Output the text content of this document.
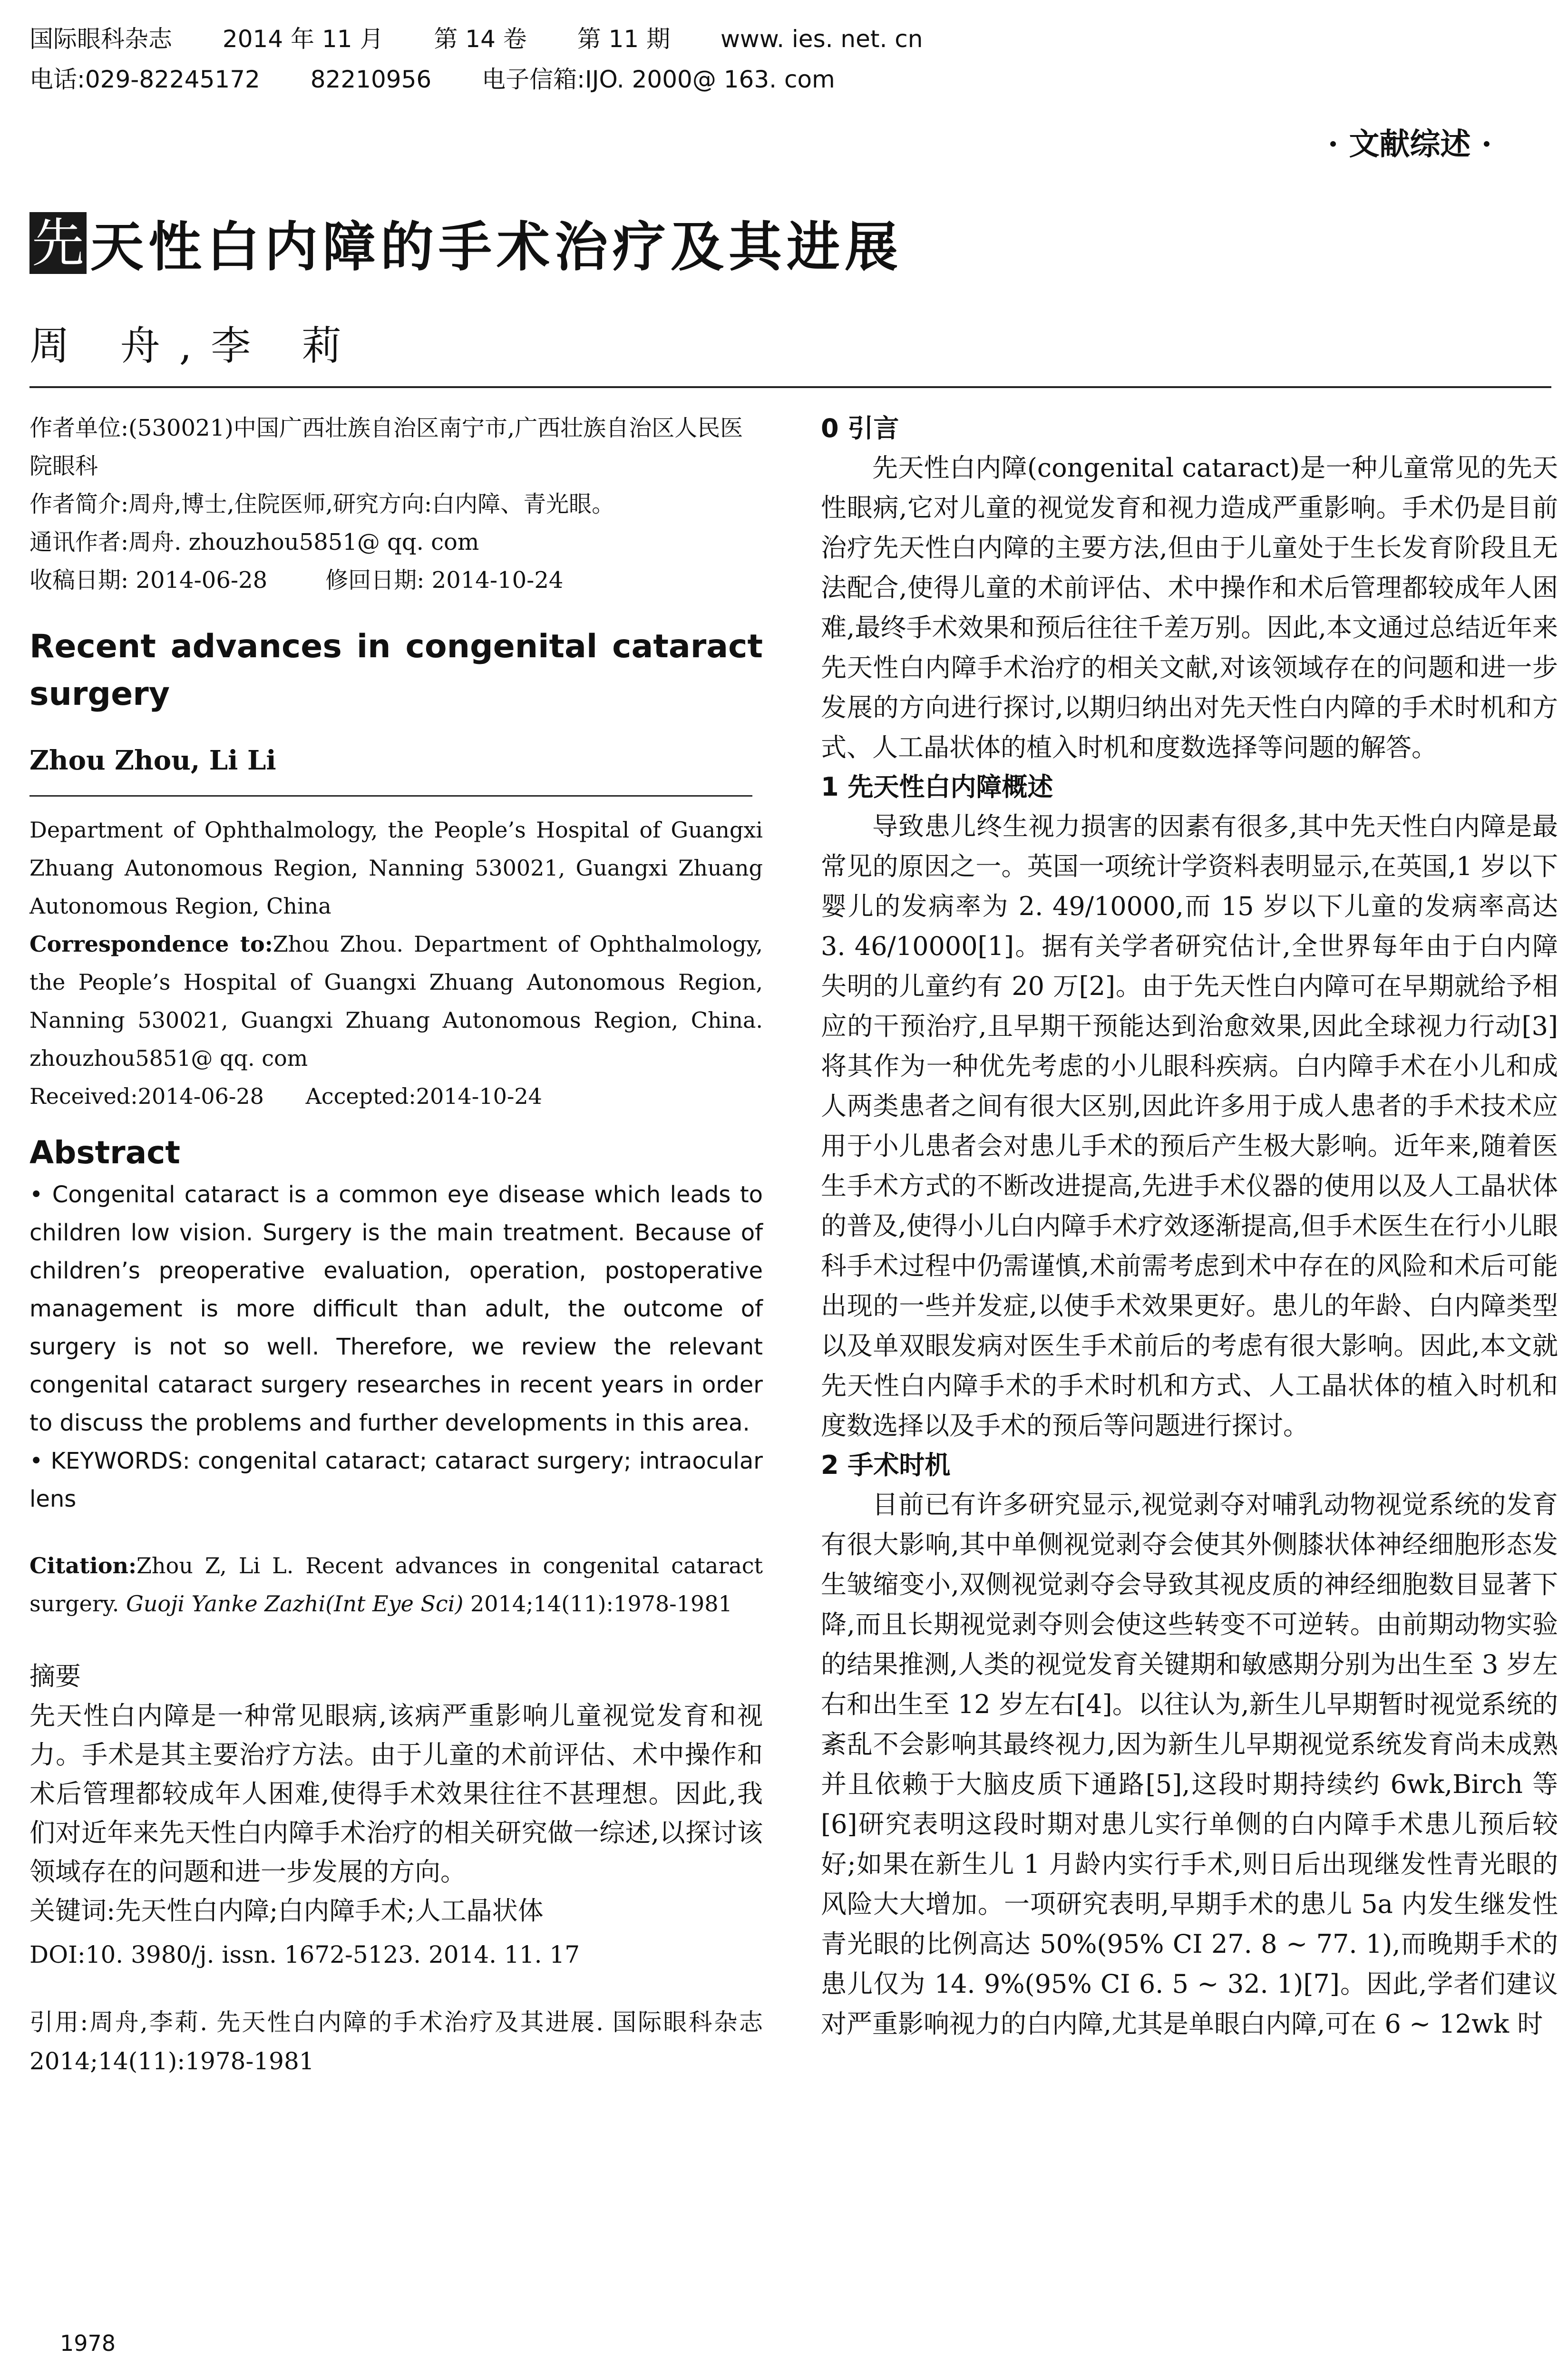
国际眼科杂志 2014 年 11 月 第 14 卷 第 11 期 www. ies. net. cn
电话:029-82245172 82210956 电子信箱:IJO. 2000@ 163. com
· 文献综述 ·
先 天性白内障的手术治疗及其进展
周 舟,李 莉

作者单位:(530021)中国广西壮族自治区南宁市,广西壮族自治区人民医院眼科

作者简介:周舟,博士,住院医师,研究方向:白内障、青光眼。

通讯作者:周舟. zhouzhou5851@ qq. com

收稿日期: 2014-06-28        修回日期: 2014-10-24

Recent advances in congenital cataract surgery

Zhou Zhou, Li Li

Department of Ophthalmology, the People’s Hospital of Guangxi Zhuang Autonomous Region, Nanning 530021, Guangxi Zhuang Autonomous Region, China

Correspondence to:Zhou Zhou. Department of Ophthalmology, the People’s Hospital of Guangxi Zhuang Autonomous Region, Nanning 530021, Guangxi Zhuang Autonomous Region, China. zhouzhou5851@ qq. com

Received:2014-06-28      Accepted:2014-10-24

Abstract

• Congenital cataract is a common eye disease which leads to children low vision. Surgery is the main treatment. Because of children’s preoperative evaluation, operation, postoperative management is more difficult than adult, the outcome of surgery is not so well. Therefore, we review the relevant congenital cataract surgery researches in recent years in order to discuss the problems and further developments in this area.

• KEYWORDS: congenital cataract; cataract surgery; intraocular lens

Citation:Zhou Z, Li L. Recent advances in congenital cataract surgery. Guoji Yanke Zazhi(Int Eye Sci) 2014;14(11):1978-1981

摘要

先天性白内障是一种常见眼病,该病严重影响儿童视觉发育和视力。手术是其主要治疗方法。由于儿童的术前评估、术中操作和术后管理都较成年人困难,使得手术效果往往不甚理想。因此,我们对近年来先天性白内障手术治疗的相关研究做一综述,以探讨该领域存在的问题和进一步发展的方向。

关键词:先天性白内障;白内障手术;人工晶状体

DOI:10. 3980/j. issn. 1672-5123. 2014. 11. 17

引用:周舟,李莉. 先天性白内障的手术治疗及其进展. 国际眼科杂志 2014;14(11):1978-1981

0 引言

先天性白内障(congenital cataract)是一种儿童常见的先天性眼病,它对儿童的视觉发育和视力造成严重影响。手术仍是目前治疗先天性白内障的主要方法,但由于儿童处于生长发育阶段且无法配合,使得儿童的术前评估、术中操作和术后管理都较成年人困难,最终手术效果和预后往往千差万别。因此,本文通过总结近年来先天性白内障手术治疗的相关文献,对该领域存在的问题和进一步发展的方向进行探讨,以期归纳出对先天性白内障的手术时机和方式、人工晶状体的植入时机和度数选择等问题的解答。

1 先天性白内障概述

导致患儿终生视力损害的因素有很多,其中先天性白内障是最常见的原因之一。英国一项统计学资料表明显示,在英国,1 岁以下婴儿的发病率为 2. 49/10000,而 15 岁以下儿童的发病率高达 3. 46/10000[1]。据有关学者研究估计,全世界每年由于白内障失明的儿童约有 20 万[2]。由于先天性白内障可在早期就给予相应的干预治疗,且早期干预能达到治愈效果,因此全球视力行动[3]将其作为一种优先考虑的小儿眼科疾病。白内障手术在小儿和成人两类患者之间有很大区别,因此许多用于成人患者的手术技术应用于小儿患者会对患儿手术的预后产生极大影响。近年来,随着医生手术方式的不断改进提高,先进手术仪器的使用以及人工晶状体的普及,使得小儿白内障手术疗效逐渐提高,但手术医生在行小儿眼科手术过程中仍需谨慎,术前需考虑到术中存在的风险和术后可能出现的一些并发症,以使手术效果更好。患儿的年龄、白内障类型以及单双眼发病对医生手术前后的考虑有很大影响。因此,本文就先天性白内障手术的手术时机和方式、人工晶状体的植入时机和度数选择以及手术的预后等问题进行探讨。

2 手术时机

目前已有许多研究显示,视觉剥夺对哺乳动物视觉系统的发育有很大影响,其中单侧视觉剥夺会使其外侧膝状体神经细胞形态发生皱缩变小,双侧视觉剥夺会导致其视皮质的神经细胞数目显著下降,而且长期视觉剥夺则会使这些转变不可逆转。由前期动物实验的结果推测,人类的视觉发育关键期和敏感期分别为出生至 3 岁左右和出生至 12 岁左右[4]。以往认为,新生儿早期暂时视觉系统的紊乱不会影响其最终视力,因为新生儿早期视觉系统发育尚未成熟并且依赖于大脑皮质下通路[5],这段时期持续约 6wk,Birch 等[6]研究表明这段时期对患儿实行单侧的白内障手术患儿预后较好;如果在新生儿 1 月龄内实行手术,则日后出现继发性青光眼的风险大大增加。一项研究表明,早期手术的患儿 5a 内发生继发性青光眼的比例高达 50%(95% CI 27. 8 ~ 77. 1),而晚期手术的患儿仅为 14. 9%(95% CI 6. 5 ~ 32. 1)[7]。因此,学者们建议对严重影响视力的白内障,尤其是单眼白内障,可在 6 ~ 12wk 时

1978
